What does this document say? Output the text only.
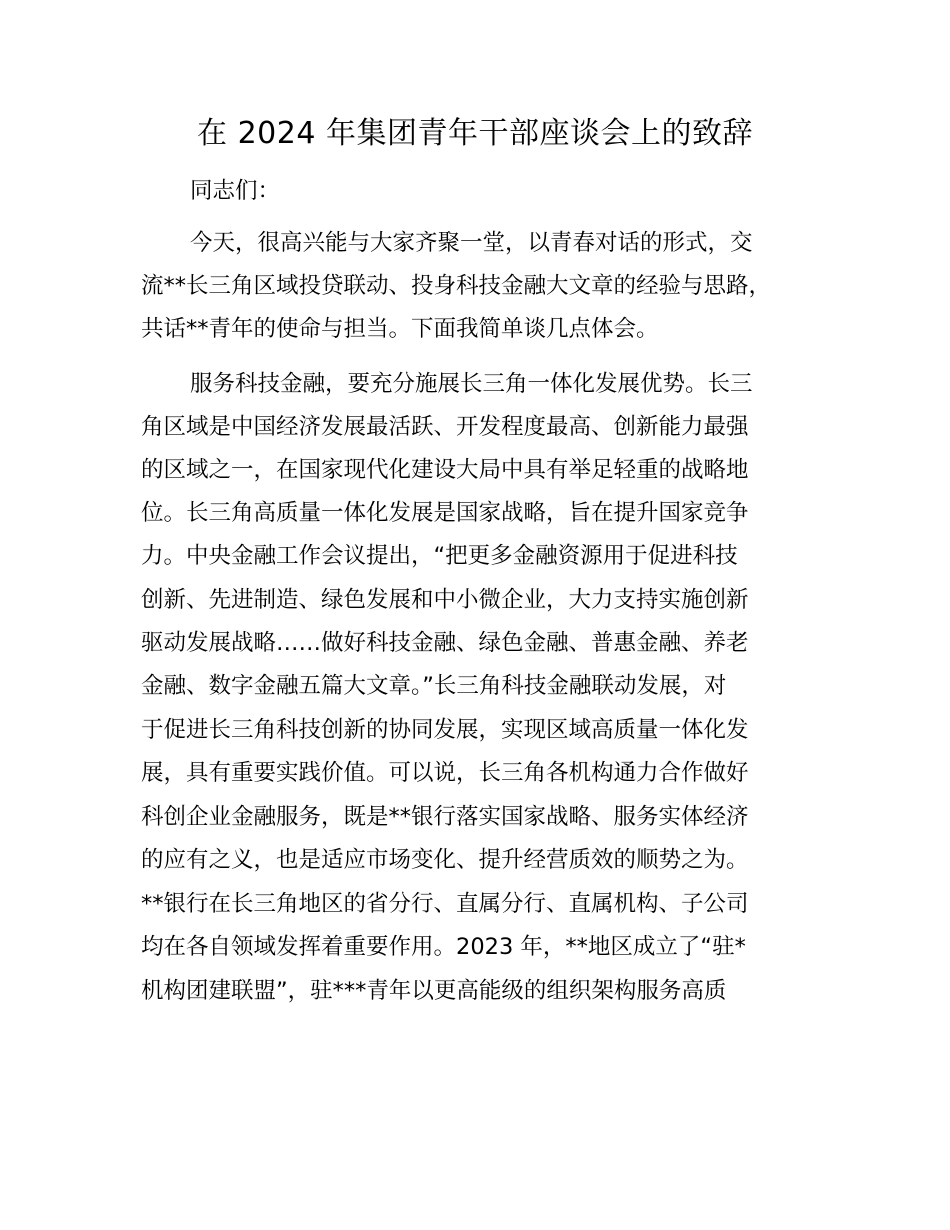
在 2024 年集团青年干部座谈会上的致辞
同志们：
今天，很高兴能与大家齐聚一堂，以青春对话的形式，交
流**长三角区域投贷联动、投身科技金融大文章的经验与思路，
共话**青年的使命与担当。下面我简单谈几点体会。
服务科技金融，要充分施展长三角一体化发展优势。长三
角区域是中国经济发展最活跃、开发程度最高、创新能力最强
的区域之一，在国家现代化建设大局中具有举足轻重的战略地
位。长三角高质量一体化发展是国家战略，旨在提升国家竞争
力。中央金融工作会议提出，“把更多金融资源用于促进科技
创新、先进制造、绿色发展和中小微企业，大力支持实施创新
驱动发展战略……做好科技金融、绿色金融、普惠金融、养老
金融、数字金融五篇大文章。”长三角科技金融联动发展，对
于促进长三角科技创新的协同发展，实现区域高质量一体化发
展，具有重要实践价值。可以说，长三角各机构通力合作做好
科创企业金融服务，既是**银行落实国家战略、服务实体经济
的应有之义，也是适应市场变化、提升经营质效的顺势之为。
**银行在长三角地区的省分行、直属分行、直属机构、子公司
均在各自领域发挥着重要作用。2023 年，**地区成立了“驻*
机构团建联盟”，驻***青年以更高能级的组织架构服务高质
